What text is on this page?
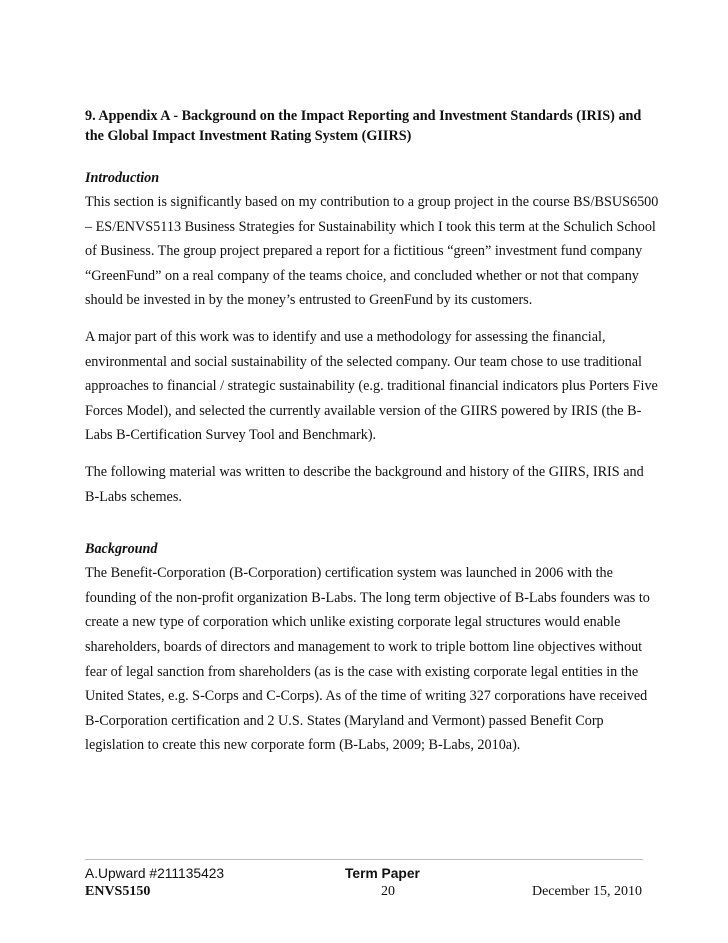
9. Appendix A - Background on the Impact Reporting and Investment Standards (IRIS) and
the Global Impact Investment Rating System (GIIRS)
Introduction
This section is significantly based on my contribution to a group project in the course BS/BSUS6500
– ES/ENVS5113 Business Strategies for Sustainability which I took this term at the Schulich School
of Business. The group project prepared a report for a fictitious “green” investment fund company
“GreenFund” on a real company of the teams choice, and concluded whether or not that company
should be invested in by the money’s entrusted to GreenFund by its customers.
A major part of this work was to identify and use a methodology for assessing the financial,
environmental and social sustainability of the selected company. Our team chose to use traditional
approaches to financial / strategic sustainability (e.g. traditional financial indicators plus Porters Five
Forces Model), and selected the currently available version of the GIIRS powered by IRIS (the B-
Labs B-Certification Survey Tool and Benchmark).
The following material was written to describe the background and history of the GIIRS, IRIS and
B-Labs schemes.
Background
The Benefit-Corporation (B-Corporation) certification system was launched in 2006 with the
founding of the non-profit organization B-Labs. The long term objective of B-Labs founders was to
create a new type of corporation which unlike existing corporate legal structures would enable
shareholders, boards of directors and management to work to triple bottom line objectives without
fear of legal sanction from shareholders (as is the case with existing corporate legal entities in the
United States, e.g. S-Corps and C-Corps). As of the time of writing 327 corporations have received
B-Corporation certification and 2 U.S. States (Maryland and Vermont) passed Benefit Corp
legislation to create this new corporate form (B-Labs, 2009; B-Labs, 2010a).
A.Upward #211135423
ENVS5150
Term Paper
20	December 15, 2010
